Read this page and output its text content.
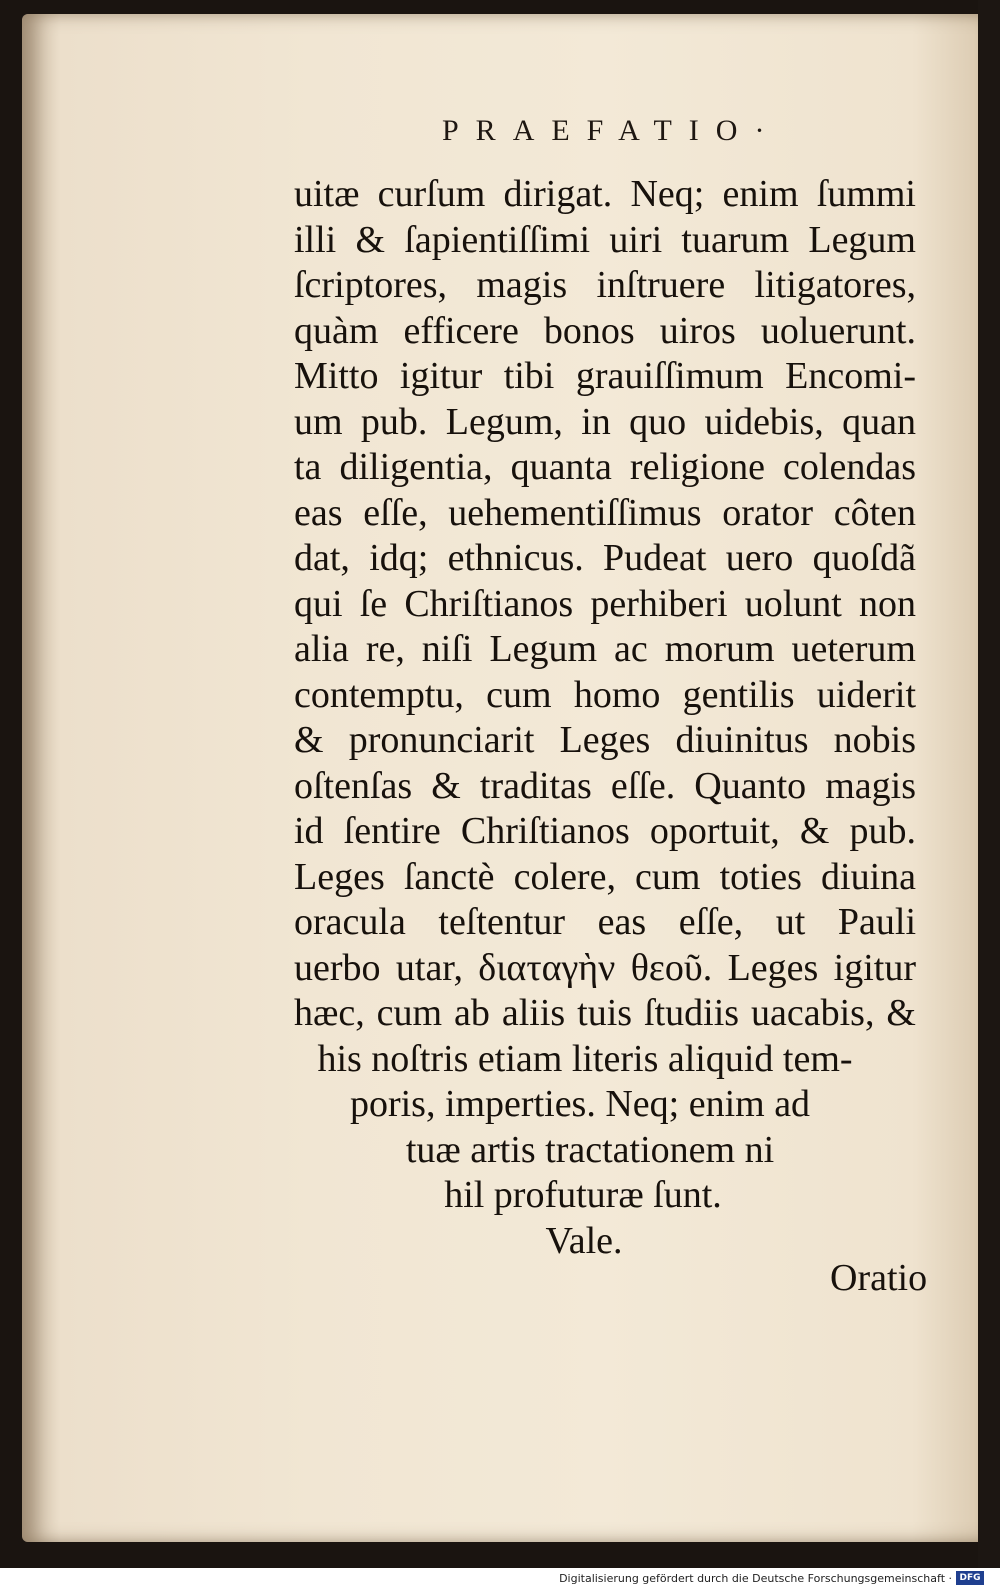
PRAEFATIO·
uitæ curſum dirigat. Neq; enim ſummi
illi & ſapientiſſimi uiri tuarum Legum
ſcriptores, magis inſtruere litigatores,
quàm efficere bonos uiros uoluerunt.
Mitto igitur tibi grauiſſimum Encomi-
um pub. Legum, in quo uidebis, quan
ta diligentia, quanta religione colendas
eas eſſe, uehementiſſimus orator côten
dat, idq; ethnicus. Pudeat uero quoſdã
qui ſe Chriſtianos perhiberi uolunt non
alia re, niſi Legum ac morum ueterum
contemptu, cum homo gentilis uiderit
& pronunciarit Leges diuinitus nobis
oſtenſas & traditas eſſe. Quanto magis
id ſentire Chriſtianos oportuit, & pub.
Leges ſanctè colere, cum toties diuina
oracula teſtentur eas eſſe, ut Pauli
uerbo utar, διαταγὴν θεοῦ. Leges igitur
hæc, cum ab aliis tuis ſtudiis uacabis, &
his noſtris etiam literis aliquid tem-
poris, imperties. Neq; enim ad
tuæ artis tractationem ni
hil profuturæ ſunt.
Vale.
Oratio
Digitalisierung gefördert durch die Deutsche Forschungsgemeinschaft · DFG
